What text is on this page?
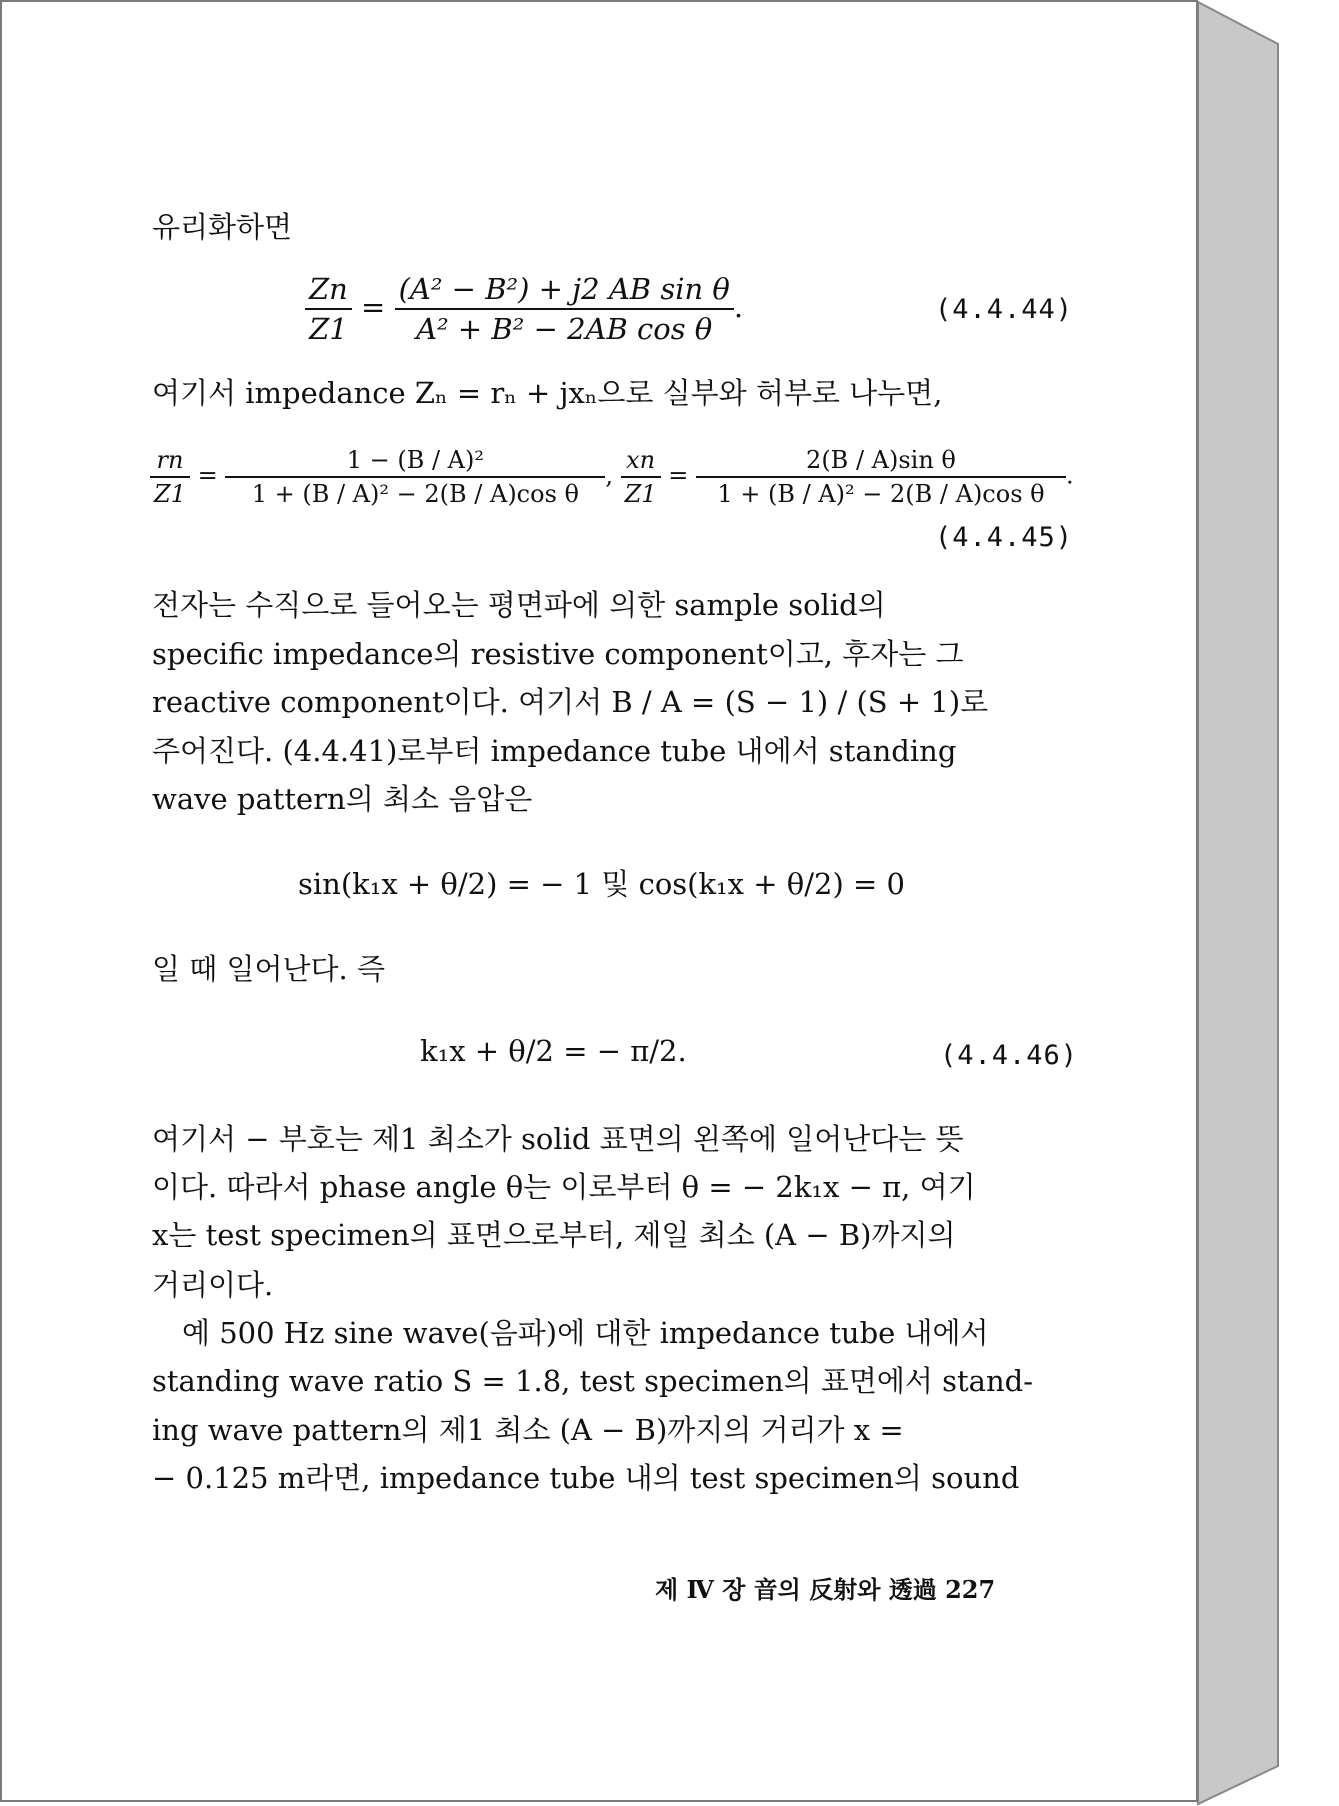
유리화하면
$\frac{Zn}{Z1} = \frac{\text{(A² − B²) + j2 AB sin θ}}{\text{A² + B² − 2AB cos θ}}$ .	(4.4.44)
여기서 impedance Zₙ = rₙ + jxₙ으로 실부와 허부로 나누면,
$\frac{rn}{Z1} = \frac{\text{1 − (B / A)²}}{\text{1 + (B / A)² − 2(B / A)cos θ}}$ , $\frac{xn}{Z1} = \frac{\text{2(B / A)sin θ}}{\text{1 + (B / A)² − 2(B / A)cos θ}}$ .
(4.4.45)
전자는 수직으로 들어오는 평면파에 의한 sample solid의
specific impedance의 resistive component이고, 후자는 그
reactive component이다. 여기서 B / A = (S − 1) / (S + 1)로
주어진다. (4.4.41)로부터 impedance tube 내에서 standing
wave pattern의 최소 음압은
sin(k₁x + θ/2) = − 1 및 cos(k₁x + θ/2) = 0
일 때 일어난다. 즉
k₁x + θ/2 = − π/2.	(4.4.46)
여기서 − 부호는 제1 최소가 solid 표면의 왼쪽에 일어난다는 뜻
이다. 따라서 phase angle θ는 이로부터 θ = − 2k₁x − π, 여기
x는 test specimen의 표면으로부터, 제일 최소 (A − B)까지의
거리이다.
예 500 Hz sine wave(음파)에 대한 impedance tube 내에서
standing wave ratio S = 1.8, test specimen의 표면에서 stand-
ing wave pattern의 제1 최소 (A − B)까지의 거리가 x =
− 0.125 m라면, impedance tube 내의 test specimen의 sound
제 Ⅳ 장 音의 反射와 透過 227
